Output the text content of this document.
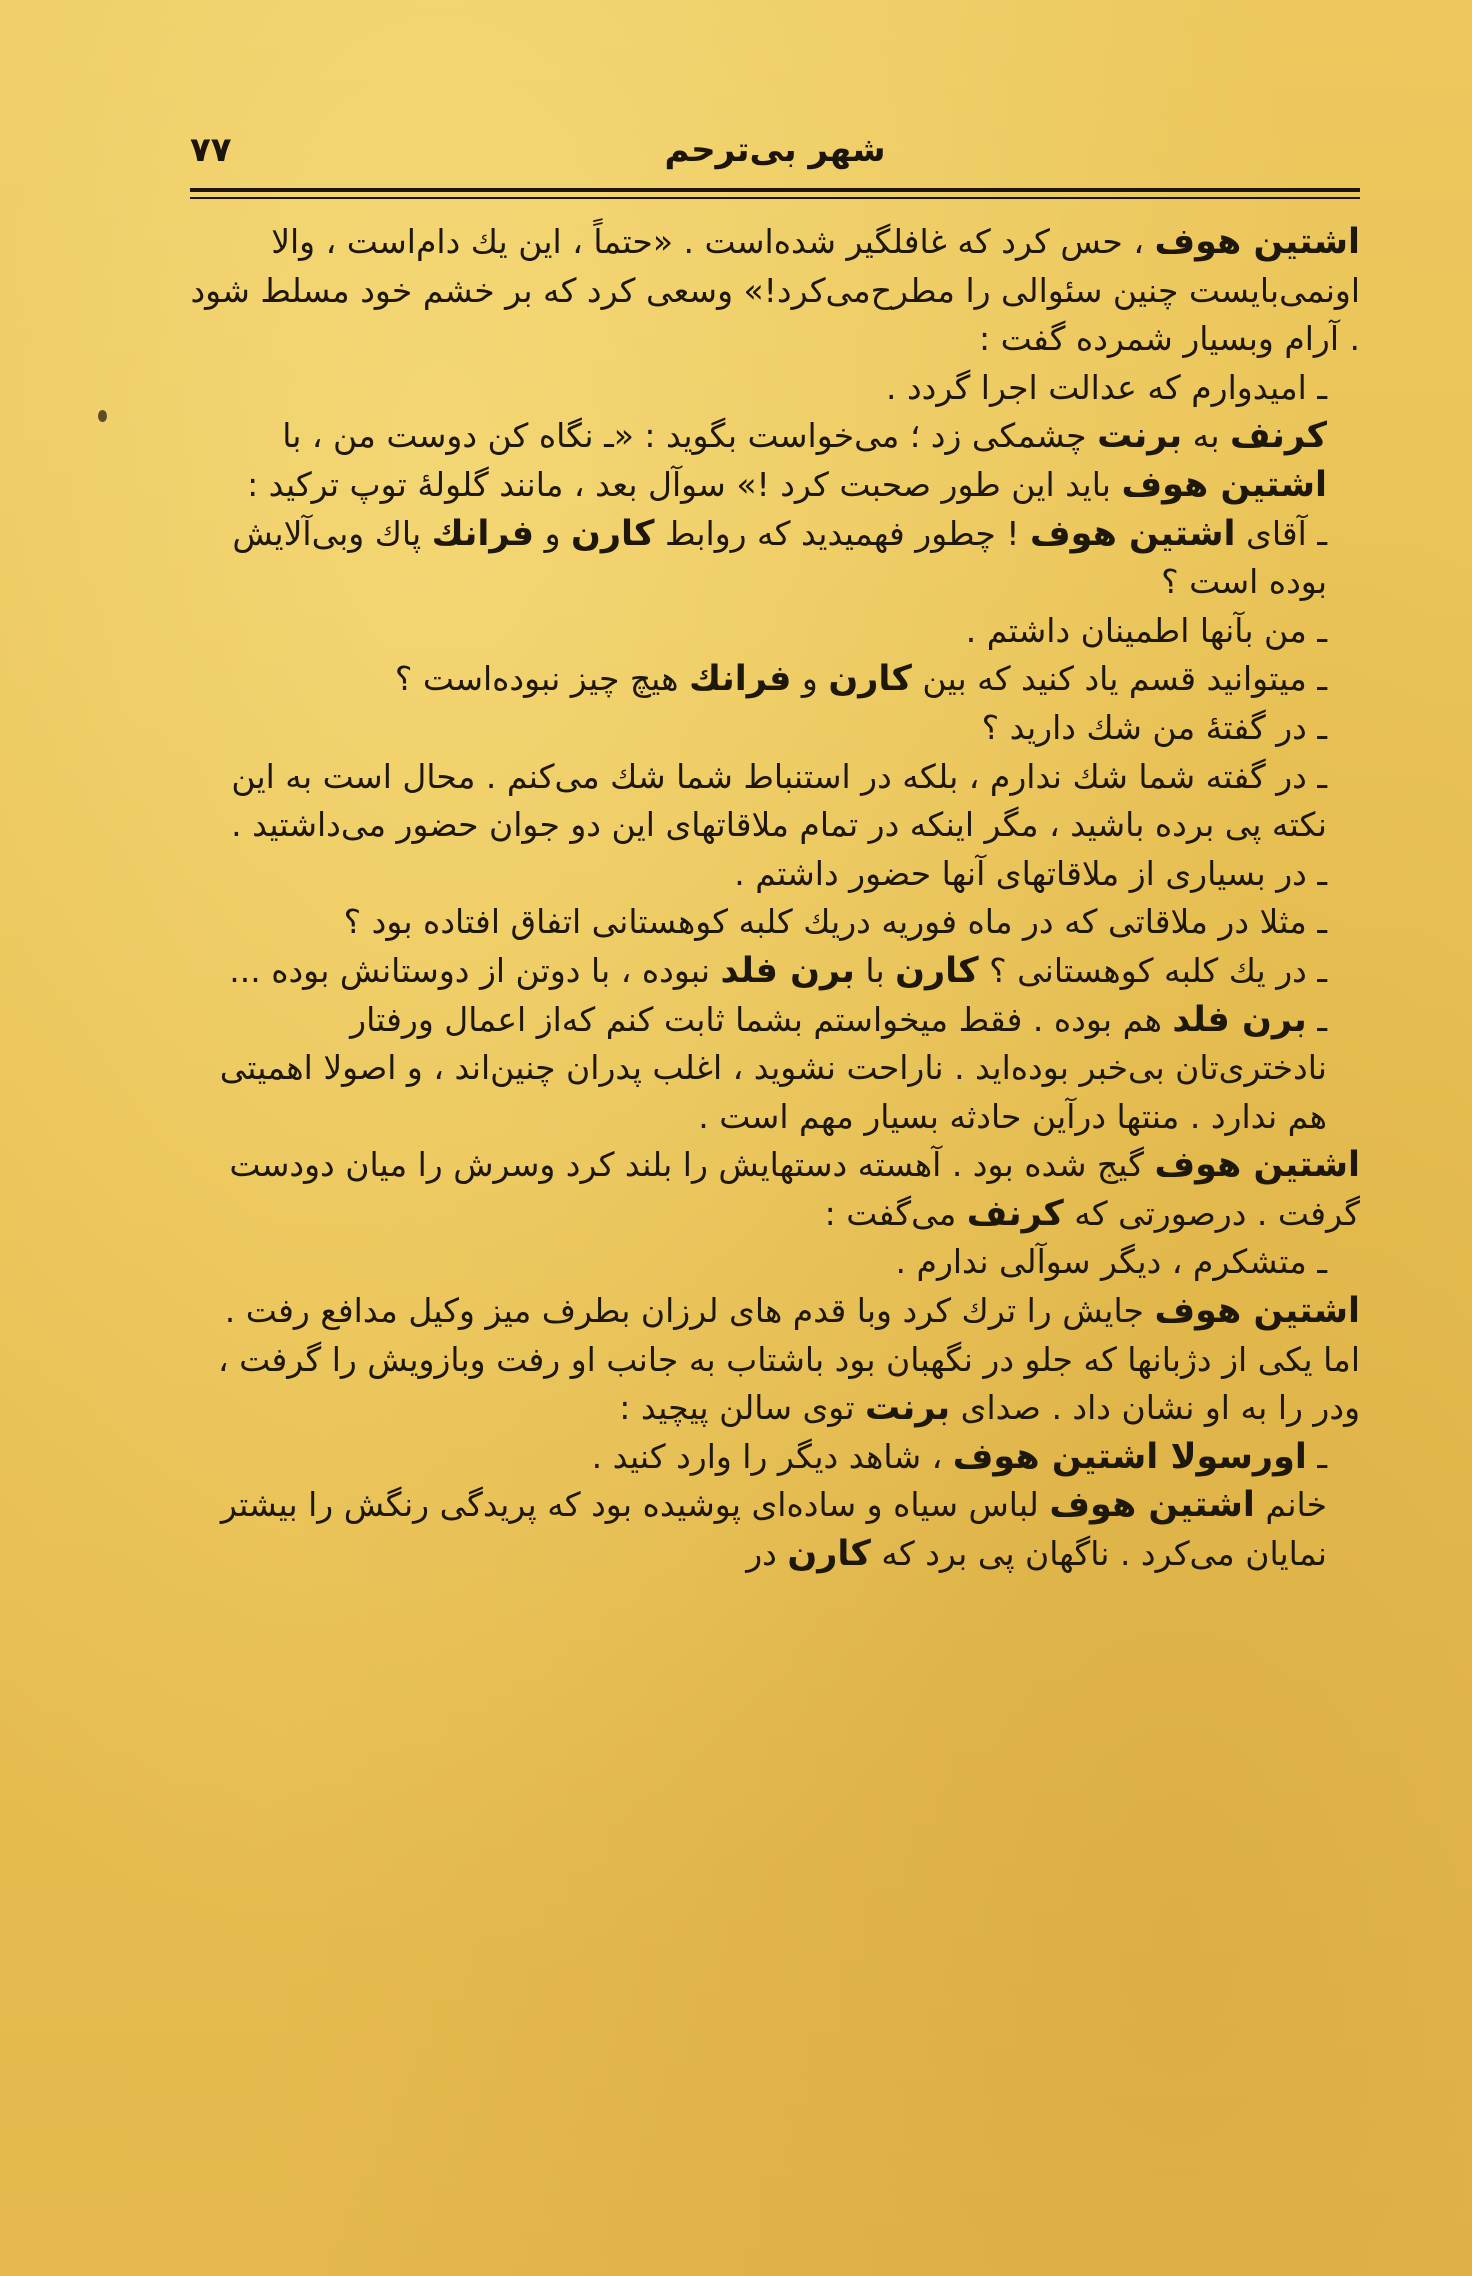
شهر بی‌ترحم
۷۷

اشتین هوف ، حس کرد که غافلگیر شده‌است . «حتماً ، این یك دام‌است ، والا اونمی‌بایست چنین سئوالی را مطرح‌می‌کرد!» وسعی کرد که بر خشم خود مسلط شود . آرام وبسیار شمرده گفت :

ـ امیدوارم که عدالت اجرا گردد .

کرنف به برنت چشمکی زد ؛ می‌خواست بگوید : «ـ نگاه کن دوست من ، با اشتین هوف باید این طور صحبت کرد !» سوآل بعد ، مانند گلولهٔ توپ ترکید :

ـ آقای اشتین هوف ! چطور فهمیدید که روابط کارن و فرانك پاك وبی‌آلایش بوده است ؟

ـ من بآنها اطمینان داشتم .

ـ میتوانید قسم یاد کنید که بین کارن و فرانك هیچ چیز نبوده‌است ؟

ـ در گفتهٔ من شك دارید ؟

ـ در گفته شما شك ندارم ، بلکه در استنباط شما شك می‌کنم . محال است به این نکته پی برده باشید ، مگر اینکه در تمام ملاقاتهای این دو جوان حضور می‌داشتید .

ـ در بسیاری از ملاقاتهای آنها حضور داشتم .

ـ مثلا در ملاقاتی که در ماه فوریه دریك کلبه کوهستانی اتفاق افتاده بود ؟

ـ در یك کلبه کوهستانی ؟ کارن با برن فلد نبوده ، با دوتن از دوستانش بوده ...

ـ برن فلد هم بوده . فقط میخواستم بشما ثابت کنم که‌از اعمال ورفتار نادختری‌تان بی‌خبر بوده‌اید . ناراحت نشوید ، اغلب پدران چنین‌اند ، و اصولا اهمیتی هم ندارد . منتها درآین حادثه بسیار مهم است .

اشتین هوف گیج شده بود . آهسته دستهایش را بلند کرد وسرش را میان دودست گرفت . درصورتی که کرنف می‌گفت :

ـ متشکرم ، دیگر سوآلی ندارم .

اشتین هوف جایش را ترك کرد وبا قدم های لرزان بطرف میز وکیل مدافع رفت . اما یکی از دژبانها که جلو در نگهبان بود باشتاب به جانب او رفت وبازویش را گرفت ، ودر را به او نشان داد . صدای برنت توی سالن پیچید :

ـ اورسولا اشتین هوف ، شاهد دیگر را وارد کنید .

خانم اشتین هوف لباس سیاه و ساده‌ای پوشیده بود که پریدگی رنگش را بیشتر نمایان می‌کرد . ناگهان پی برد که کارن در
